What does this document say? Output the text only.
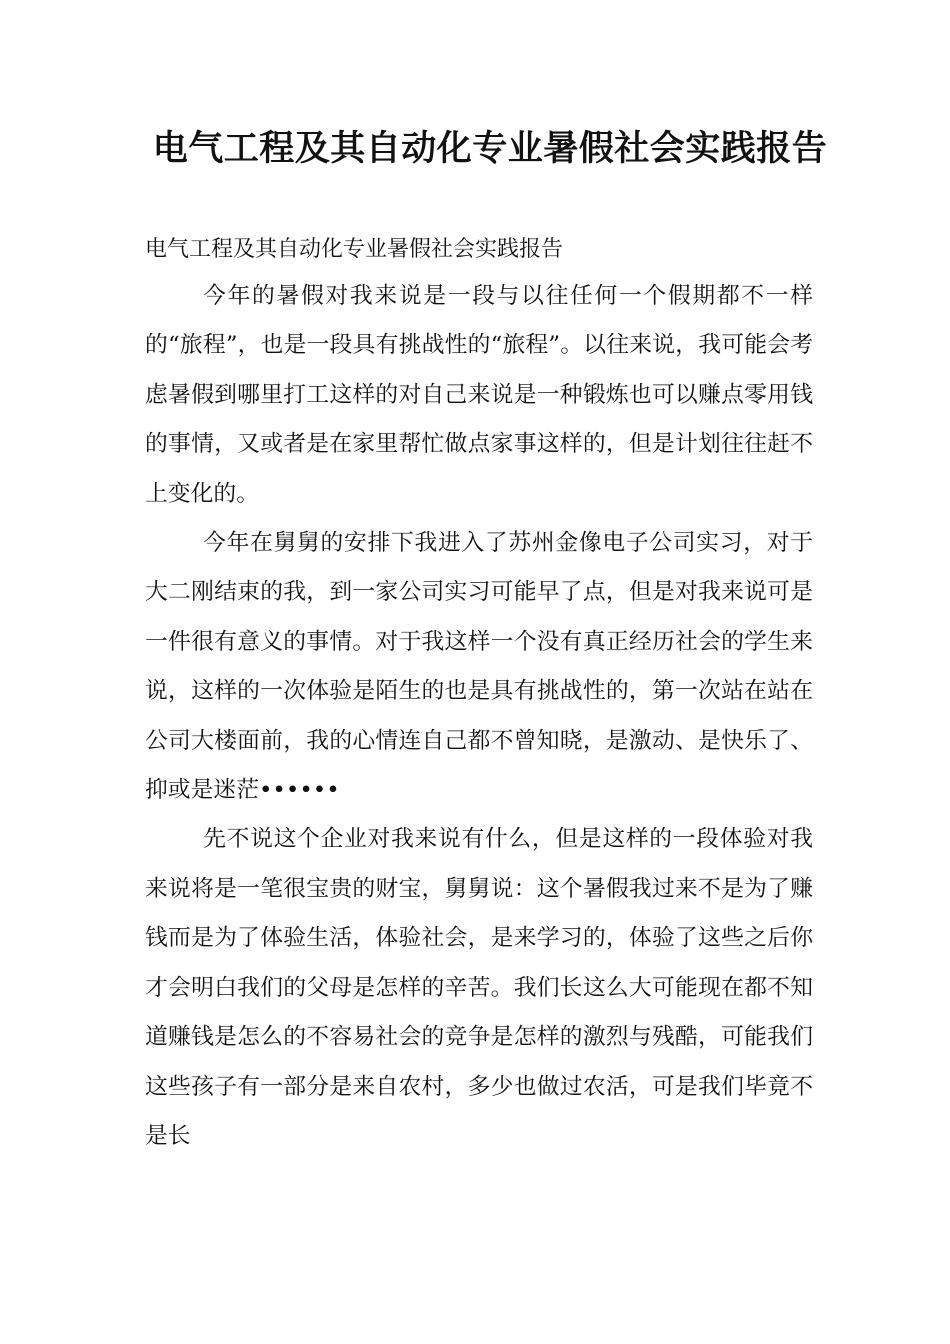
电气工程及其自动化专业暑假社会实践报告

电气工程及其自动化专业暑假社会实践报告

今年的暑假对我来说是一段与以往任何一个假期都不一样的“旅程”，也是一段具有挑战性的“旅程”。以往来说，我可能会考虑暑假到哪里打工这样的对自己来说是一种锻炼也可以赚点零用钱的事情，又或者是在家里帮忙做点家事这样的，但是计划往往赶不上变化的。

今年在舅舅的安排下我进入了苏州金像电子公司实习，对于大二刚结束的我，到一家公司实习可能早了点，但是对我来说可是一件很有意义的事情。对于我这样一个没有真正经历社会的学生来说，这样的一次体验是陌生的也是具有挑战性的，第一次站在站在公司大楼面前，我的心情连自己都不曾知晓，是激动、是快乐了、抑或是迷茫••••••

先不说这个企业对我来说有什么，但是这样的一段体验对我来说将是一笔很宝贵的财宝，舅舅说：这个暑假我过来不是为了赚钱而是为了体验生活，体验社会，是来学习的，体验了这些之后你才会明白我们的父母是怎样的辛苦。我们长这么大可能现在都不知道赚钱是怎么的不容易社会的竞争是怎样的激烈与残酷，可能我们这些孩子有一部分是来自农村，多少也做过农活，可是我们毕竟不是长
